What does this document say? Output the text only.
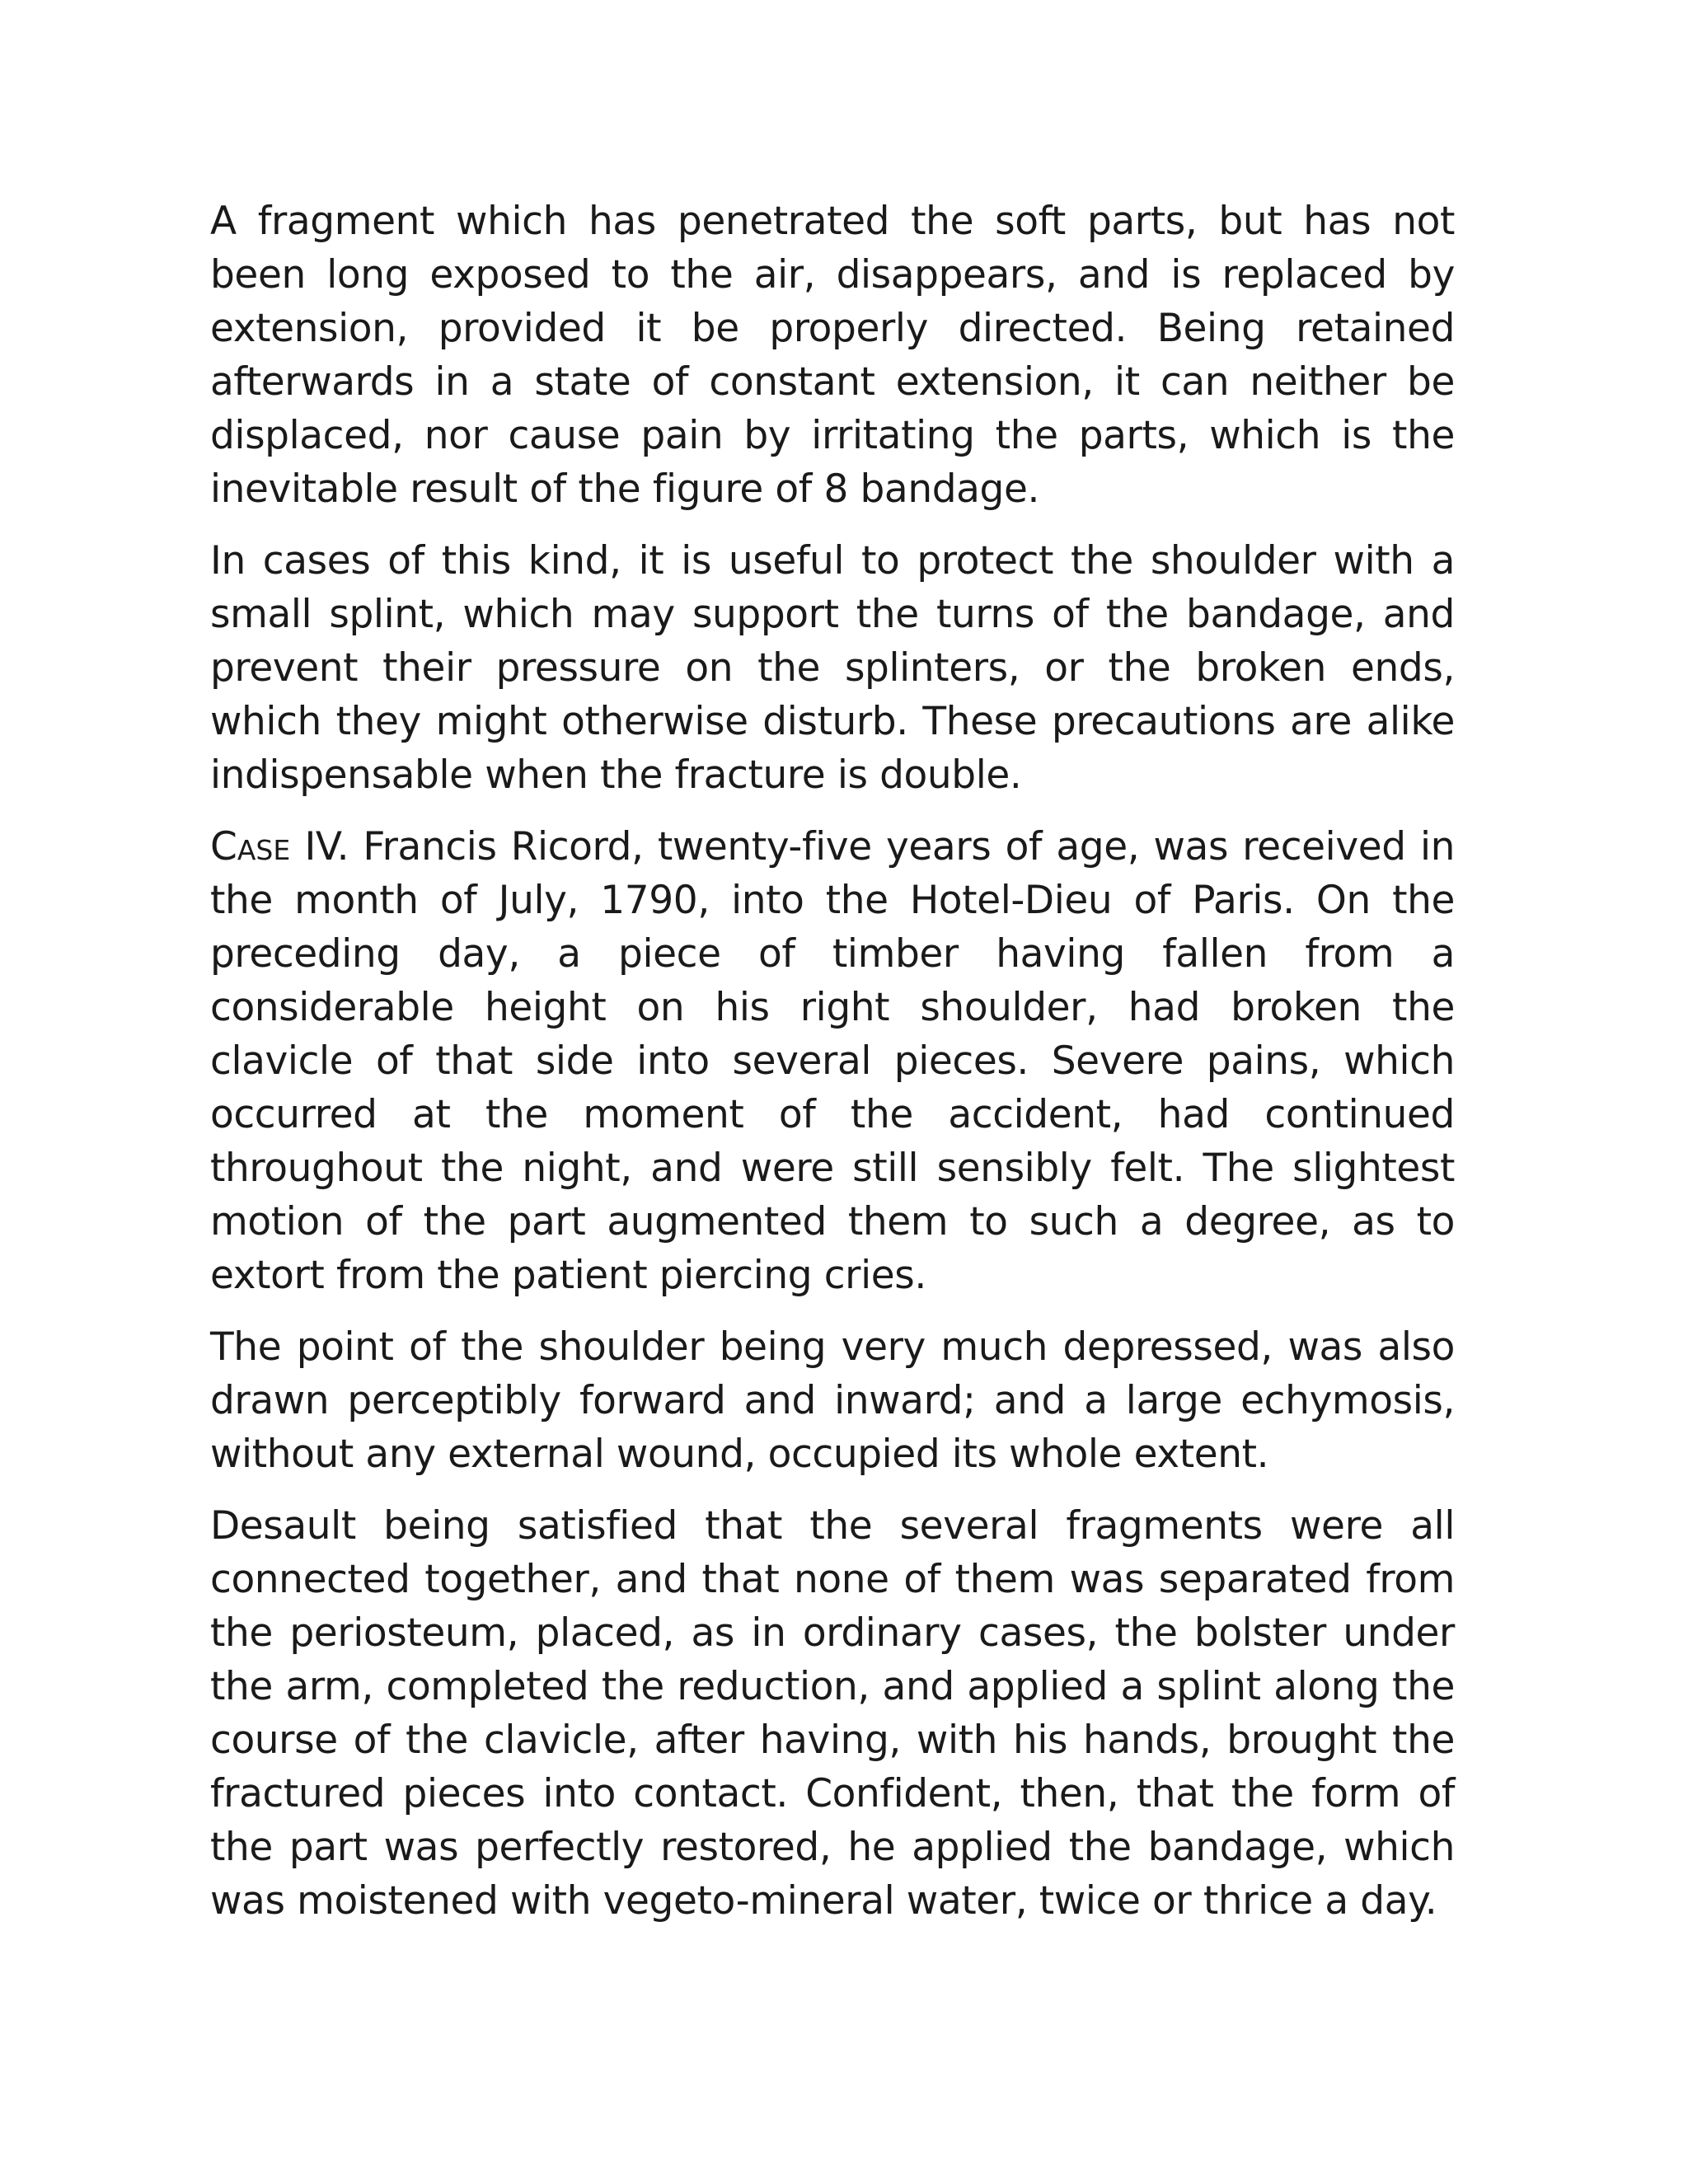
A fragment which has penetrated the soft parts, but has not been long exposed to the air, disappears, and is replaced by extension, provided it be properly directed. Being retained afterwards in a state of constant extension, it can neither be displaced, nor cause pain by irritating the parts, which is the inevitable result of the figure of 8 bandage.

In cases of this kind, it is useful to protect the shoulder with a small splint, which may support the turns of the bandage, and prevent their pressure on the splinters, or the broken ends, which they might otherwise disturb. These precautions are alike indispensable when the fracture is double.

Case IV. Francis Ricord, twenty-five years of age, was received in the month of July, 1790, into the Hotel-Dieu of Paris. On the preceding day, a piece of timber having fallen from a considerable height on his right shoulder, had broken the clavicle of that side into several pieces. Severe pains, which occurred at the moment of the accident, had continued throughout the night, and were still sensibly felt. The slightest motion of the part augmented them to such a degree, as to extort from the patient piercing cries.

The point of the shoulder being very much depressed, was also drawn perceptibly forward and inward; and a large echymosis, without any external wound, occupied its whole extent.

Desault being satisfied that the several fragments were all connected together, and that none of them was separated from the periosteum, placed, as in ordinary cases, the bolster under the arm, completed the reduction, and applied a splint along the course of the clavicle, after having, with his hands, brought the fractured pieces into contact. Confident, then, that the form of the part was perfectly restored, he applied the bandage, which was moistened with vegeto-mineral water, twice or thrice a day.
